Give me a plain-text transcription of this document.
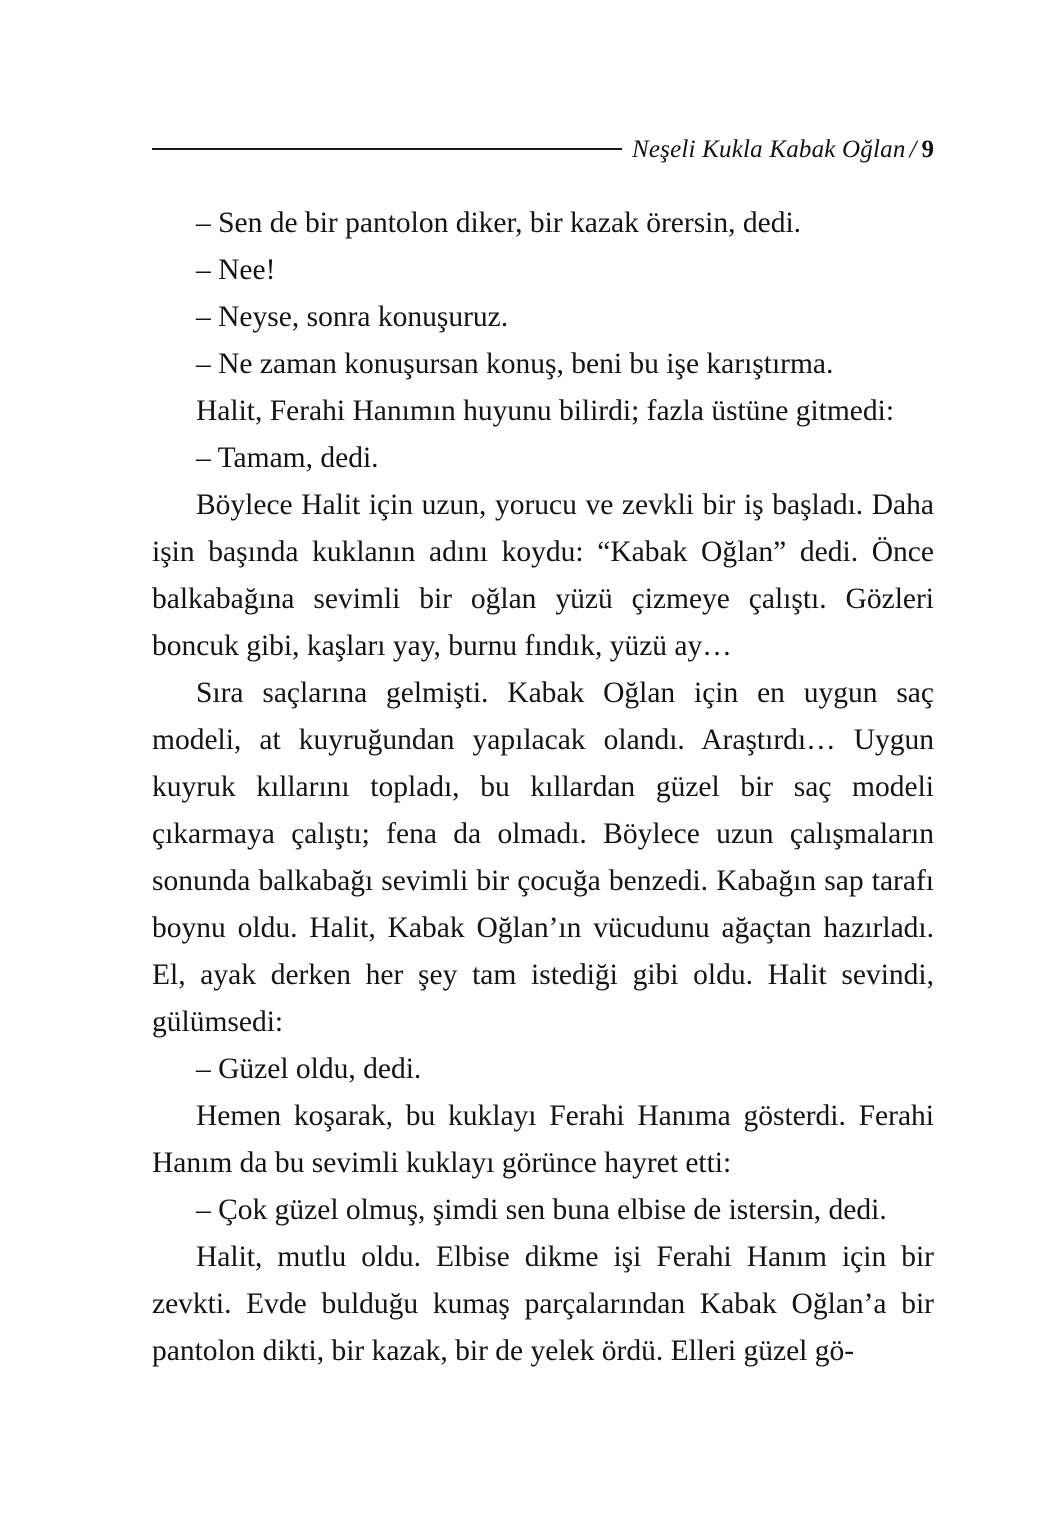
Neşeli Kukla Kabak Oğlan / 9

– Sen de bir pantolon diker, bir kazak örersin, dedi.

– Nee!

– Neyse, sonra konuşuruz.

– Ne zaman konuşursan konuş, beni bu işe karıştırma.

Halit, Ferahi Hanımın huyunu bilirdi; fazla üstüne gitmedi:

– Tamam, dedi.

Böylece Halit için uzun, yorucu ve zevkli bir iş başladı. Daha işin başında kuklanın adını koydu: “Kabak Oğlan” dedi. Önce balkabağına sevimli bir oğlan yüzü çizmeye çalıştı. Gözleri boncuk gibi, kaşları yay, burnu fındık, yüzü ay…

Sıra saçlarına gelmişti. Kabak Oğlan için en uygun saç modeli, at kuyruğundan yapılacak olandı. Araştırdı… Uygun kuyruk kıllarını topladı, bu kıllardan güzel bir saç modeli çıkarmaya çalıştı; fena da olmadı. Böylece uzun çalışmaların sonunda balkabağı sevimli bir çocuğa benzedi. Kabağın sap tarafı boynu oldu. Halit, Kabak Oğlan’ın vücudunu ağaçtan hazırladı. El, ayak derken her şey tam istediği gibi oldu. Halit sevindi, gülümsedi:

– Güzel oldu, dedi.

Hemen koşarak, bu kuklayı Ferahi Hanıma gösterdi. Ferahi Hanım da bu sevimli kuklayı görünce hayret etti:

– Çok güzel olmuş, şimdi sen buna elbise de istersin, dedi.

Halit, mutlu oldu. Elbise dikme işi Ferahi Hanım için bir zevkti. Evde bulduğu kumaş parçalarından Kabak Oğlan’a bir pantolon dikti, bir kazak, bir de yelek ördü. Elleri güzel gö-
